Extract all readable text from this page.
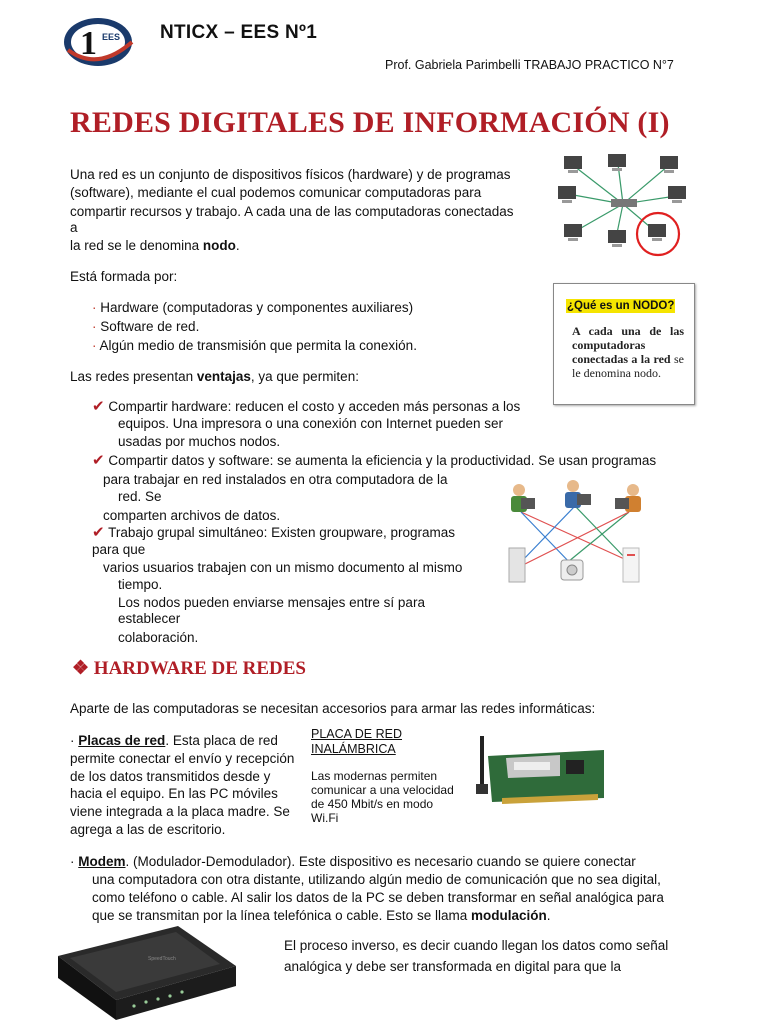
1 EES NTICX – EES Nº1
Prof. Gabriela Parimbelli TRABAJO PRACTICO N°7
REDES DIGITALES DE INFORMACIÓN (I)
Una red es un conjunto de dispositivos físicos (hardware) y de programas
(software), mediante el cual podemos comunicar computadoras para
compartir recursos y trabajo. A cada una de las computadoras conectadas
a
la red se le denomina nodo.
Está formada por:
· Hardware (computadoras y componentes auxiliares)
· Software de red.
· Algún medio de transmisión que permita la conexión.
¿Qué es un NODO?
A cada una de las computadoras conectadas a la red se le denomina nodo.
Las redes presentan ventajas, ya que permiten:
✔ Compartir hardware: reducen el costo y acceden más personas a los
equipos. Una impresora o una conexión con Internet pueden ser
usadas por muchos nodos.
✔ Compartir datos y software: se aumenta la eficiencia y la productividad. Se usan programas
para trabajar en red instalados en otra computadora de la
red. Se
comparten archivos de datos.
✔ Trabajo grupal simultáneo: Existen groupware, programas
para que
varios usuarios trabajen con un mismo documento al mismo
tiempo.
Los nodos pueden enviarse mensajes entre sí para
establecer
colaboración.
❖ HARDWARE DE REDES
Aparte de las computadoras se necesitan accesorios para armar las redes informáticas:
· Placas de red. Esta placa de red
permite conectar el envío y recepción
de los datos transmitidos desde y
hacia el equipo. En las PC móviles
viene integrada a la placa madre. Se
agrega a las de escritorio.
PLACA DE RED
INALÁMBRICA
Las modernas permiten comunicar a una velocidad de 450 Mbit/s en modo Wi.Fi
· Modem. (Modulador-Demodulador). Este dispositivo es necesario cuando se quiere conectar
una computadora con otra distante, utilizando algún medio de comunicación que no sea digital,
como teléfono o cable. Al salir los datos de la PC se deben transformar en señal analógica para
que se transmitan por la línea telefónica o cable. Esto se llama modulación.
SpeedTouch
El proceso inverso, es decir cuando llegan los datos como señal
analógica y debe ser transformada en digital para que la
